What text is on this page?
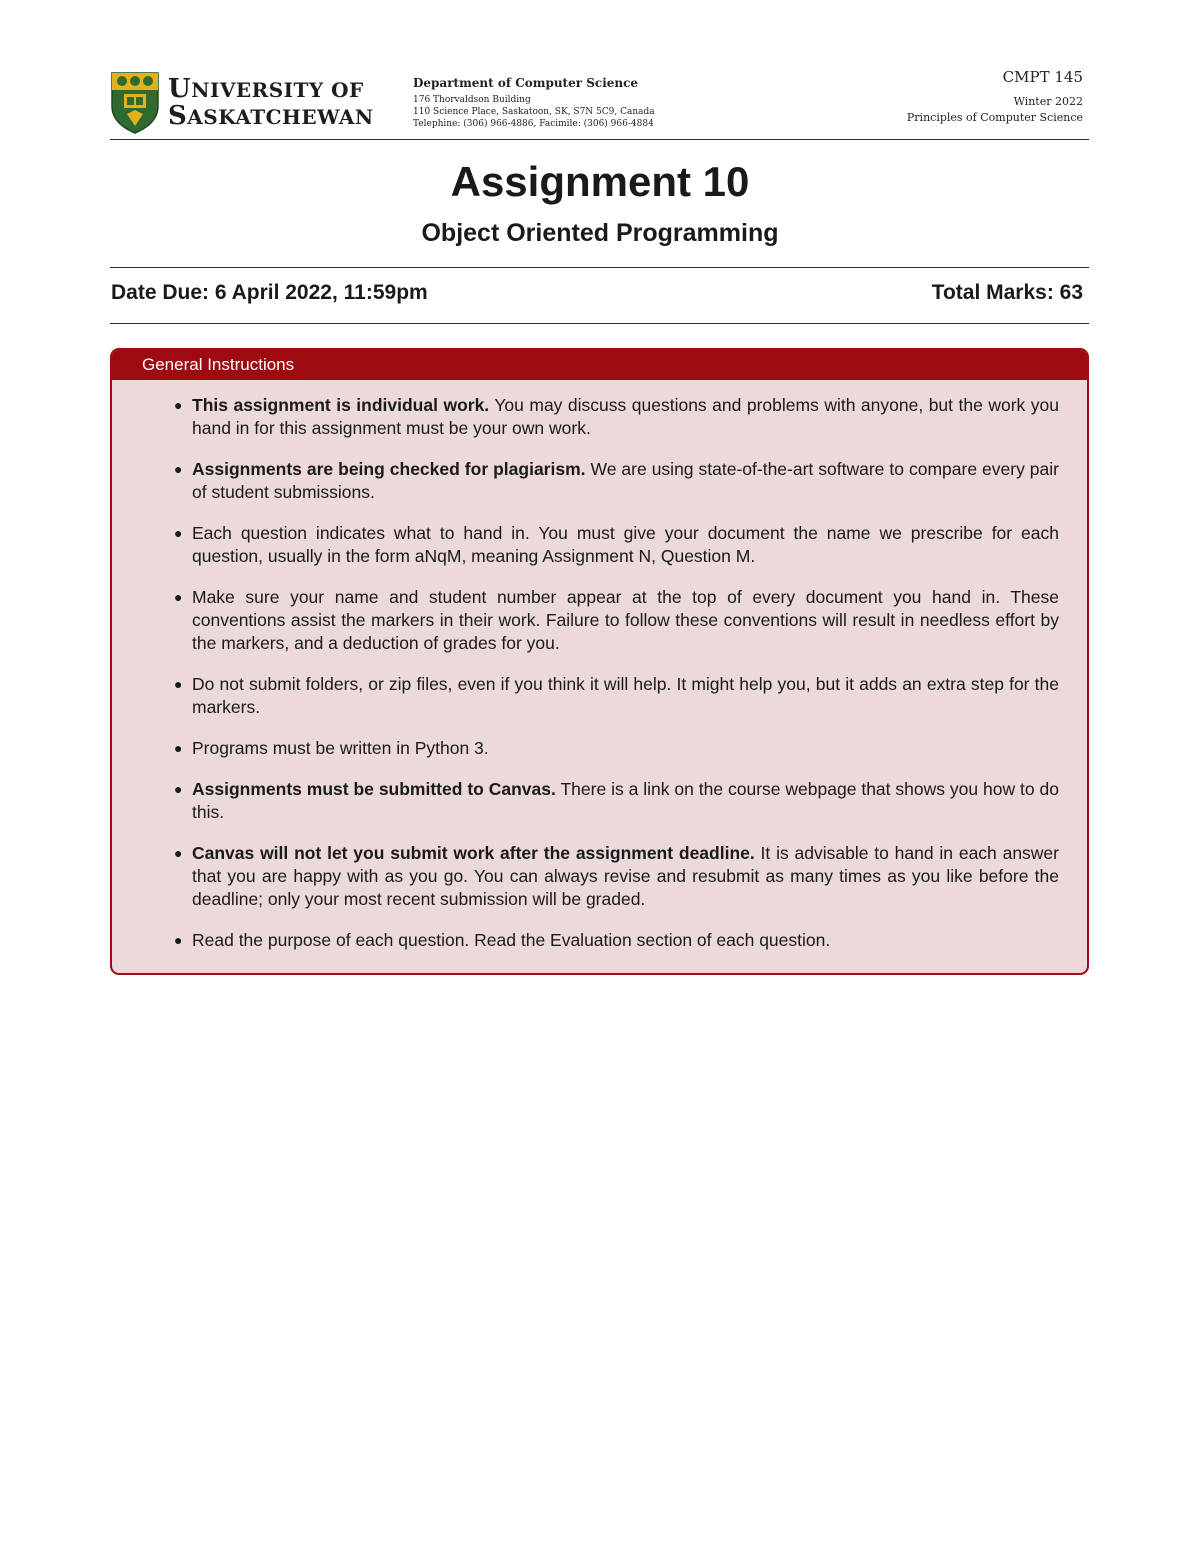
UNIVERSITY OF
SASKATCHEWAN
Department of Computer Science
176 Thorvaldson Building
110 Science Place, Saskatoon, SK, S7N 5C9, Canada
Telephine: (306) 966-4886, Facimile: (306) 966-4884
CMPT 145
Winter 2022
Principles of Computer Science
Assignment 10
Object Oriented Programming
Date Due: 6 April 2022, 11:59pm	Total Marks: 63
General Instructions
● This assignment is individual work. You may discuss questions and problems with anyone, but the work you hand in for this assignment must be your own work.
● Assignments are being checked for plagiarism. We are using state-of-the-art software to compare every pair of student submissions.
● Each question indicates what to hand in. You must give your document the name we prescribe for each question, usually in the form aNqM, meaning Assignment N, Question M.
● Make sure your name and student number appear at the top of every document you hand in. These conventions assist the markers in their work. Failure to follow these conventions will result in needless effort by the markers, and a deduction of grades for you.
● Do not submit folders, or zip files, even if you think it will help. It might help you, but it adds an extra step for the markers.
● Programs must be written in Python 3.
● Assignments must be submitted to Canvas. There is a link on the course webpage that shows you how to do this.
● Canvas will not let you submit work after the assignment deadline. It is advisable to hand in each answer that you are happy with as you go. You can always revise and resubmit as many times as you like before the deadline; only your most recent submission will be graded.
● Read the purpose of each question. Read the Evaluation section of each question.
